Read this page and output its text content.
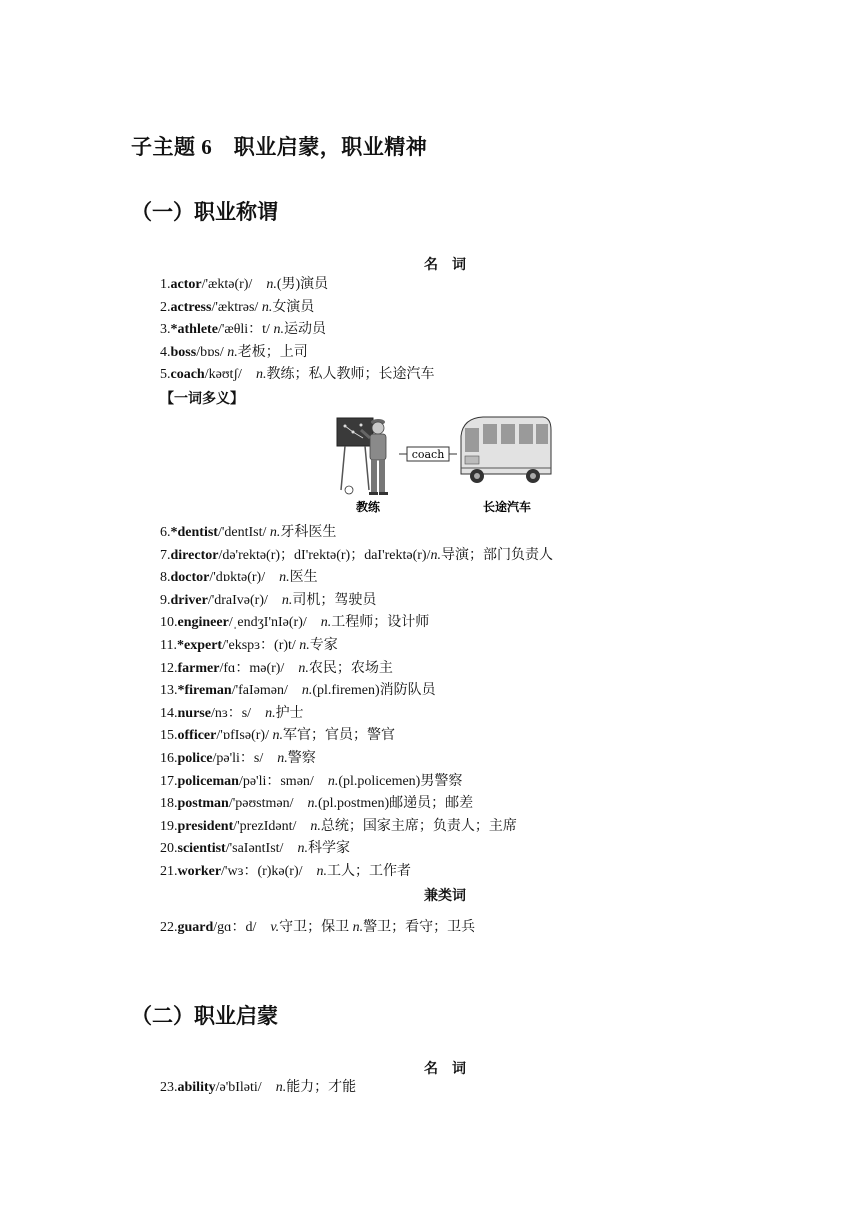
子主题 6　职业启蒙，职业精神
（一）职业称谓
名　词
1.actor/'æktə(r)/　n.(男)演员
2.actress/'æktrəs/ n.女演员
3.*athlete/'æθli：t/ n.运动员
4.boss/bɒs/ n.老板；上司
5.coach/kəʊtʃ/　n.教练；私人教师；长途汽车
【一词多义】
coach
教练	长途汽车
6.*dentist/'dentIst/ n.牙科医生
7.director/də'rektə(r)；dI'rektə(r)；daI'rektə(r)/n.导演；部门负责人
8.doctor/'dɒktə(r)/　n.医生
9.driver/'draIvə(r)/　n.司机；驾驶员
10.engineer/ˌendʒI'nIə(r)/　n.工程师；设计师
11.*expert/'ekspɜ：(r)t/ n.专家
12.farmer/fɑ：mə(r)/　n.农民；农场主
13.*fireman/'faIəmən/　n.(pl.firemen)消防队员
14.nurse/nɜ：s/　n.护士
15.officer/'ɒfIsə(r)/ n.军官；官员；警官
16.police/pə'li：s/　n.警察
17.policeman/pə'li：smən/　n.(pl.policemen)男警察
18.postman/'pəʊstmən/　n.(pl.postmen)邮递员；邮差
19.president/'prezIdənt/　n.总统；国家主席；负责人；主席
20.scientist/'saIəntIst/　n.科学家
21.worker/'wɜ：(r)kə(r)/　n.工人；工作者
兼类词
22.guard/gɑ：d/　v.守卫；保卫 n.警卫；看守；卫兵
（二）职业启蒙
名　词
23.ability/ə'bIləti/　n.能力；才能
